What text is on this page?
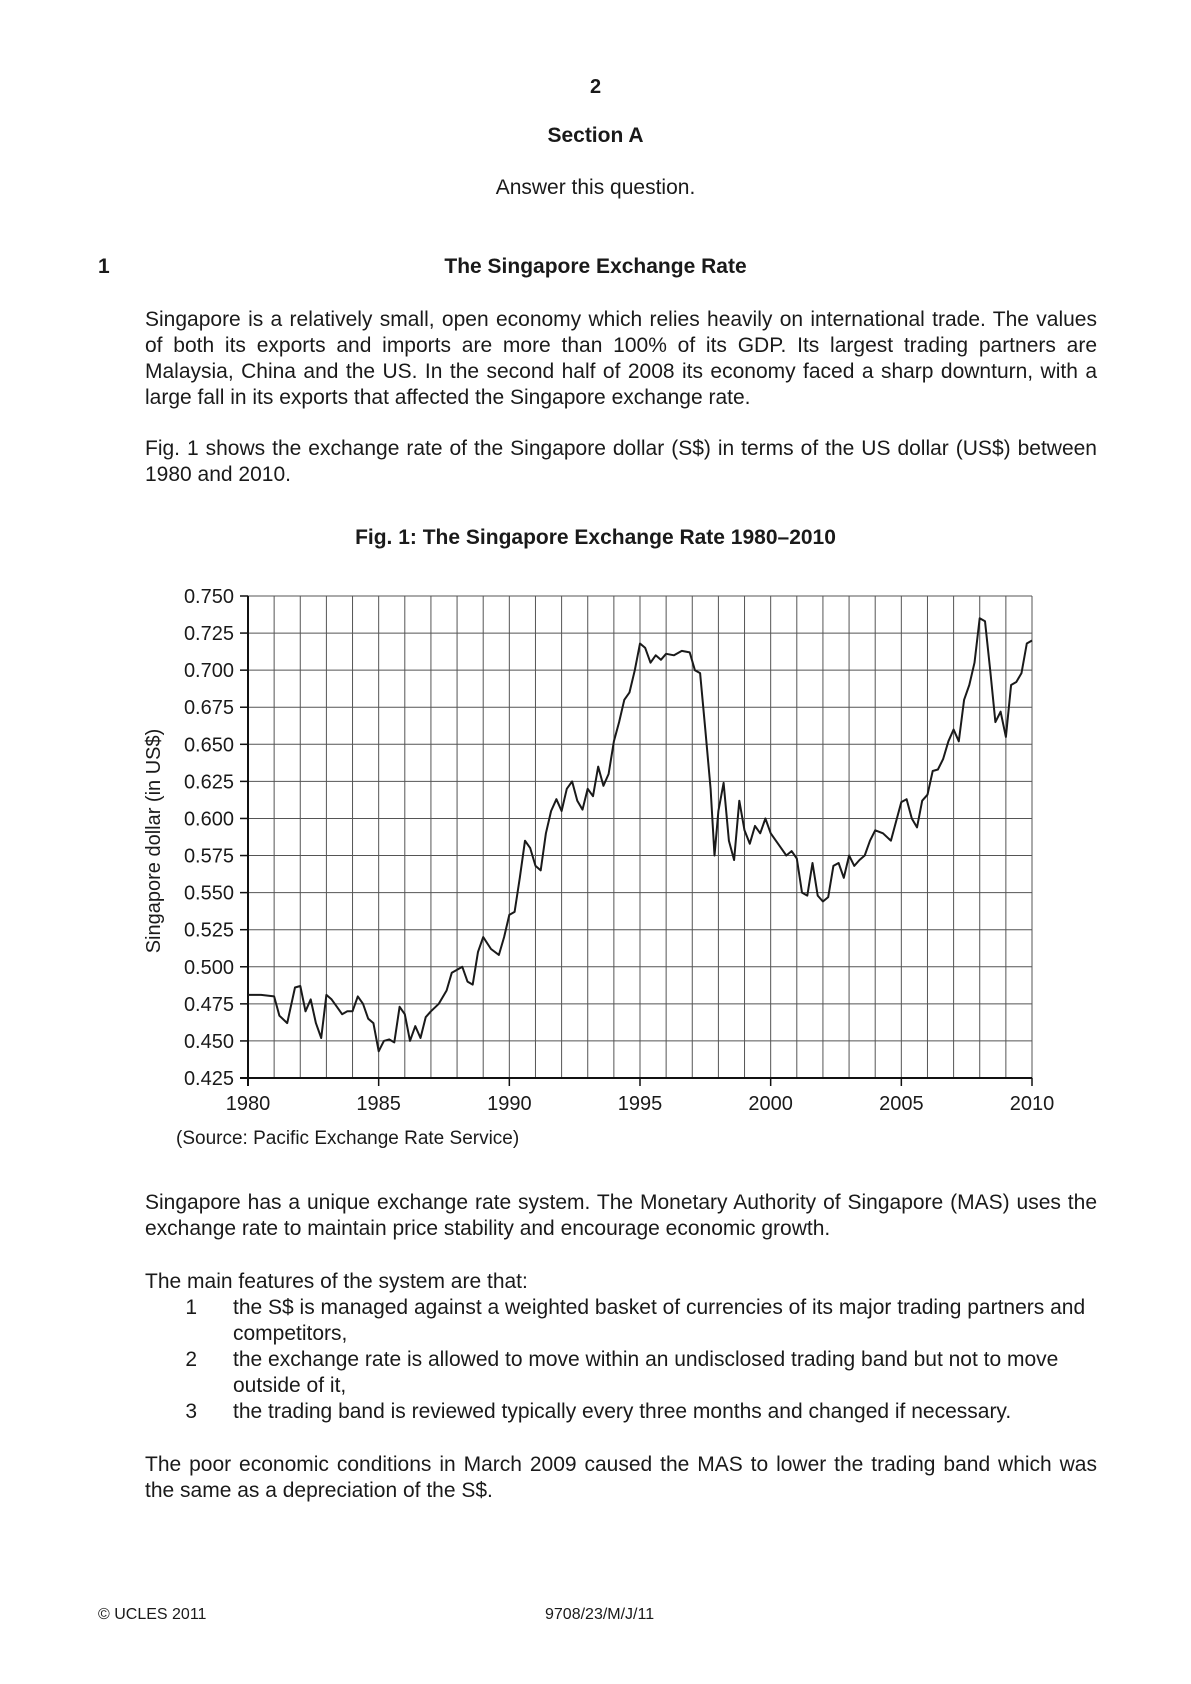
2
Section A
Answer this question.
1	The Singapore Exchange Rate
Singapore is a relatively small, open economy which relies heavily on international trade. The values of both its exports and imports are more than 100% of its GDP. Its largest trading partners are Malaysia, China and the US. In the second half of 2008 its economy faced a sharp downturn, with a large fall in its exports that affected the Singapore exchange rate.
Fig. 1 shows the exchange rate of the Singapore dollar (S$) in terms of the US dollar (US$) between 1980 and 2010.
Fig. 1: The Singapore Exchange Rate 1980–2010
0.425
0.450
0.475
0.500
0.525
0.550
0.575
0.600
0.625
0.650
0.675
0.700
0.725
0.750
1980	1985	1990	1995	2000	2005	2010
Singapore dollar (in US$)
(Source: Pacific Exchange Rate Service)
Singapore has a unique exchange rate system. The Monetary Authority of Singapore (MAS) uses the exchange rate to maintain price stability and encourage economic growth.
The main features of the system are that:
1	the S$ is managed against a weighted basket of currencies of its major trading partners and competitors,
2	the exchange rate is allowed to move within an undisclosed trading band but not to move outside of it,
3	the trading band is reviewed typically every three months and changed if necessary.
The poor economic conditions in March 2009 caused the MAS to lower the trading band which was the same as a depreciation of the S$.
© UCLES 2011	9708/23/M/J/11
